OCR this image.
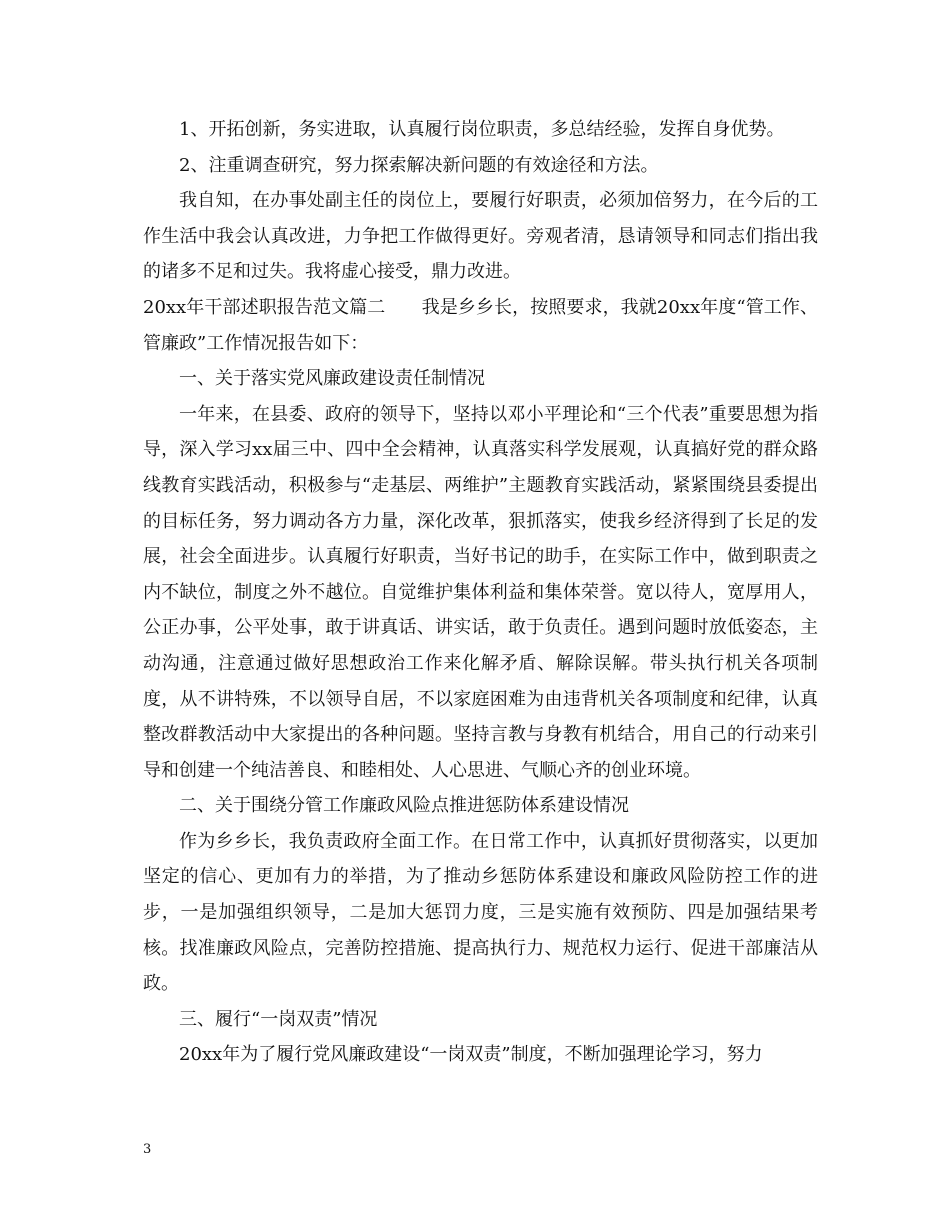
1、开拓创新，务实进取，认真履行岗位职责，多总结经验，发挥自身优势。

2、注重调查研究，努力探索解决新问题的有效途径和方法。

我自知，在办事处副主任的岗位上，要履行好职责，必须加倍努力，在今后的工作生活中我会认真改进，力争把工作做得更好。旁观者清，恳请领导和同志们指出我的诸多不足和过失。我将虚心接受，鼎力改进。

20xx年干部述职报告范文篇二　　我是乡乡长，按照要求，我就20xx年度“管工作、管廉政”工作情况报告如下：

一、关于落实党风廉政建设责任制情况

一年来，在县委、政府的领导下，坚持以邓小平理论和“三个代表”重要思想为指导，深入学习xx届三中、四中全会精神，认真落实科学发展观，认真搞好党的群众路线教育实践活动，积极参与“走基层、两维护”主题教育实践活动，紧紧围绕县委提出的目标任务，努力调动各方力量，深化改革，狠抓落实，使我乡经济得到了长足的发展，社会全面进步。认真履行好职责，当好书记的助手，在实际工作中，做到职责之内不缺位，制度之外不越位。自觉维护集体利益和集体荣誉。宽以待人，宽厚用人，公正办事，公平处事，敢于讲真话、讲实话，敢于负责任。遇到问题时放低姿态，主动沟通，注意通过做好思想政治工作来化解矛盾、解除误解。带头执行机关各项制度，从不讲特殊，不以领导自居，不以家庭困难为由违背机关各项制度和纪律，认真整改群教活动中大家提出的各种问题。坚持言教与身教有机结合，用自己的行动来引导和创建一个纯洁善良、和睦相处、人心思进、气顺心齐的创业环境。

二、关于围绕分管工作廉政风险点推进惩防体系建设情况

作为乡乡长，我负责政府全面工作。在日常工作中，认真抓好贯彻落实，以更加坚定的信心、更加有力的举措，为了推动乡惩防体系建设和廉政风险防控工作的进步，一是加强组织领导，二是加大惩罚力度，三是实施有效预防、四是加强结果考核。找准廉政风险点，完善防控措施、提高执行力、规范权力运行、促进干部廉洁从政。

三、履行“一岗双责”情况

20xx年为了履行党风廉政建设“一岗双责”制度，不断加强理论学习，努力

3
